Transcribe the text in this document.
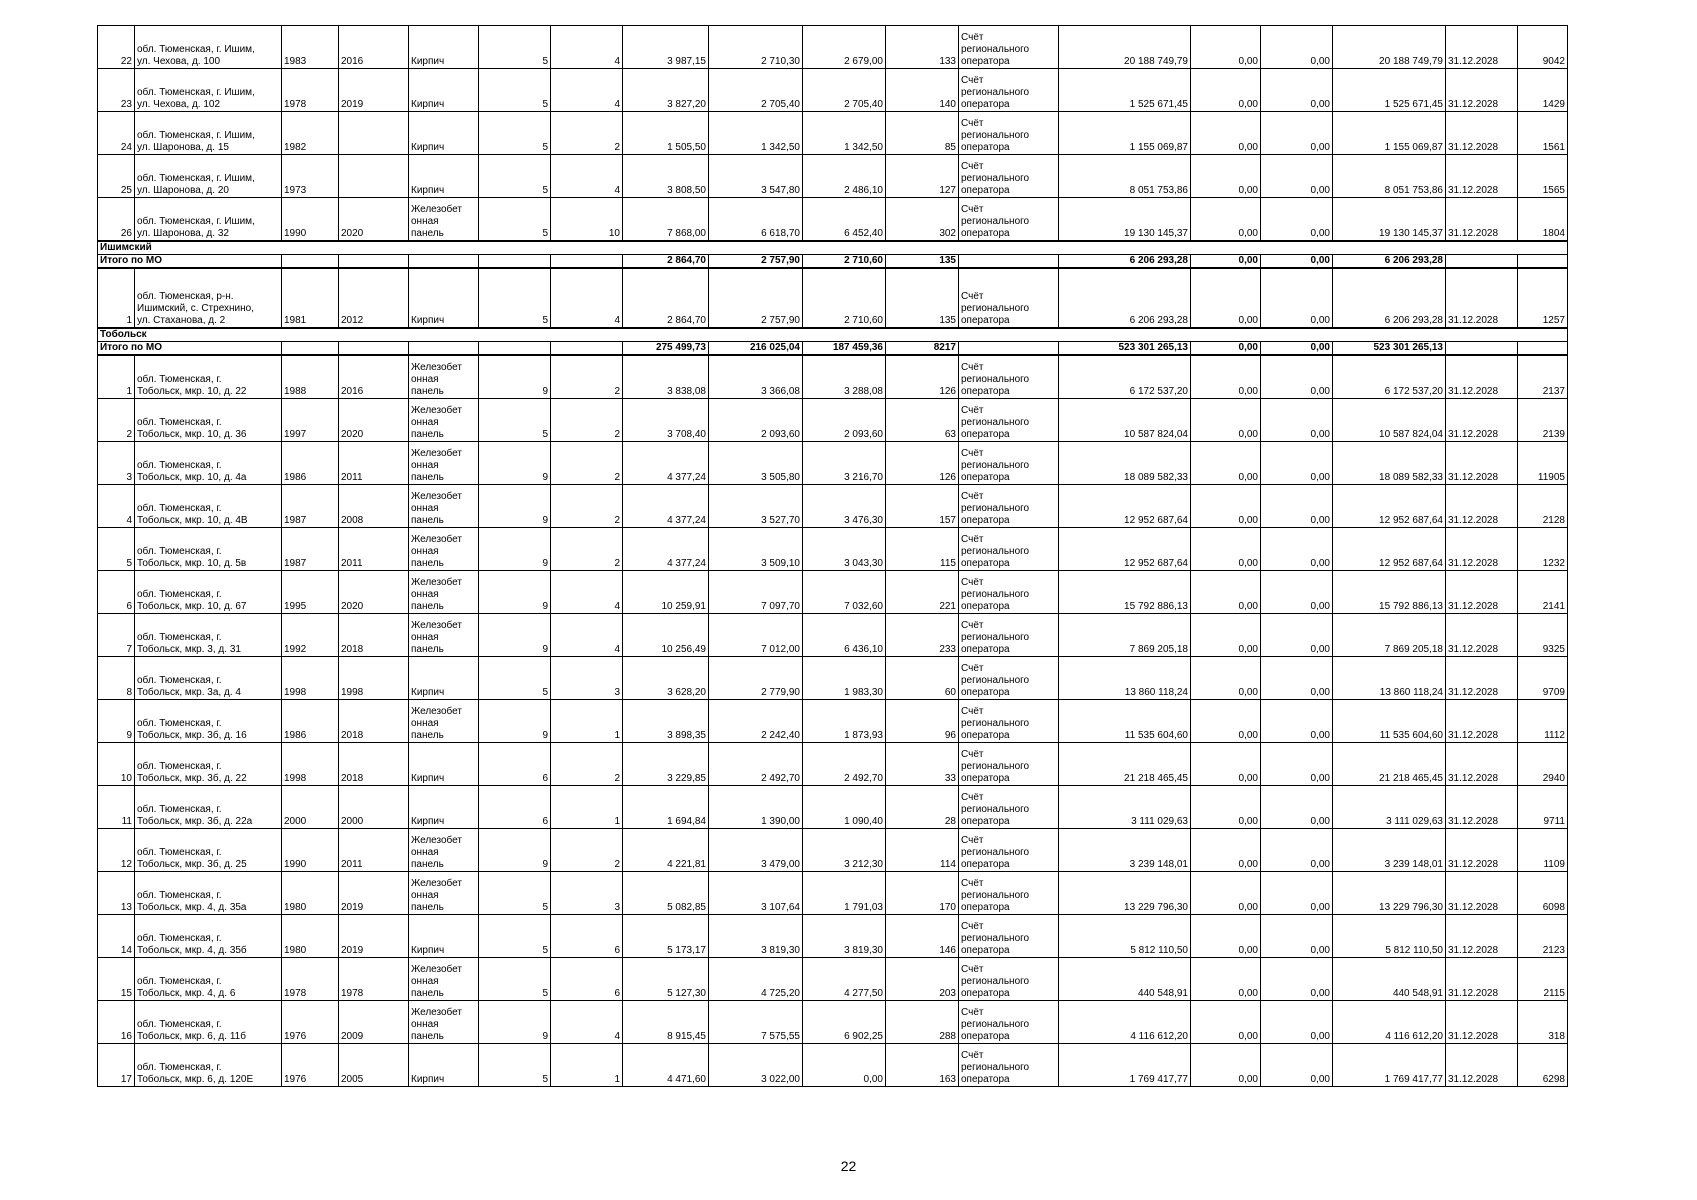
22	обл. Тюменская, г. Ишим,
ул. Чехова, д. 100	1983	2016	Кирпич	5	4	3 987,15	2 710,30	2 679,00	133	Счёт
регионального
оператора	20 188 749,79	0,00	0,00	20 188 749,79	31.12.2028	9042
23	обл. Тюменская, г. Ишим,
ул. Чехова, д. 102	1978	2019	Кирпич	5	4	3 827,20	2 705,40	2 705,40	140	Счёт
регионального
оператора	1 525 671,45	0,00	0,00	1 525 671,45	31.12.2028	1429
24	обл. Тюменская, г. Ишим,
ул. Шаронова, д. 15	1982		Кирпич	5	2	1 505,50	1 342,50	1 342,50	85	Счёт
регионального
оператора	1 155 069,87	0,00	0,00	1 155 069,87	31.12.2028	1561
25	обл. Тюменская, г. Ишим,
ул. Шаронова, д. 20	1973		Кирпич	5	4	3 808,50	3 547,80	2 486,10	127	Счёт
регионального
оператора	8 051 753,86	0,00	0,00	8 051 753,86	31.12.2028	1565
26	обл. Тюменская, г. Ишим,
ул. Шаронова, д. 32	1990	2020	Железобет
онная
панель	5	10	7 868,00	6 618,70	6 452,40	302	Счёт
регионального
оператора	19 130 145,37	0,00	0,00	19 130 145,37	31.12.2028	1804
Ишимский																	
Итого по МО							2 864,70	2 757,90	2 710,60	135		6 206 293,28	0,00	0,00	6 206 293,28		
1	обл. Тюменская, р-н.
Ишимский, с. Стрехнино,
ул. Стаханова, д. 2	1981	2012	Кирпич	5	4	2 864,70	2 757,90	2 710,60	135	Счёт
регионального
оператора	6 206 293,28	0,00	0,00	6 206 293,28	31.12.2028	1257
Тобольск																	
Итого по МО							275 499,73	216 025,04	187 459,36	8217		523 301 265,13	0,00	0,00	523 301 265,13		
1	обл. Тюменская, г.
Тобольск, мкр. 10, д. 22	1988	2016	Железобет
онная
панель	9	2	3 838,08	3 366,08	3 288,08	126	Счёт
регионального
оператора	6 172 537,20	0,00	0,00	6 172 537,20	31.12.2028	2137
2	обл. Тюменская, г.
Тобольск, мкр. 10, д. 36	1997	2020	Железобет
онная
панель	5	2	3 708,40	2 093,60	2 093,60	63	Счёт
регионального
оператора	10 587 824,04	0,00	0,00	10 587 824,04	31.12.2028	2139
3	обл. Тюменская, г.
Тобольск, мкр. 10, д. 4а	1986	2011	Железобет
онная
панель	9	2	4 377,24	3 505,80	3 216,70	126	Счёт
регионального
оператора	18 089 582,33	0,00	0,00	18 089 582,33	31.12.2028	11905
4	обл. Тюменская, г.
Тобольск, мкр. 10, д. 4В	1987	2008	Железобет
онная
панель	9	2	4 377,24	3 527,70	3 476,30	157	Счёт
регионального
оператора	12 952 687,64	0,00	0,00	12 952 687,64	31.12.2028	2128
5	обл. Тюменская, г.
Тобольск, мкр. 10, д. 5в	1987	2011	Железобет
онная
панель	9	2	4 377,24	3 509,10	3 043,30	115	Счёт
регионального
оператора	12 952 687,64	0,00	0,00	12 952 687,64	31.12.2028	1232
6	обл. Тюменская, г.
Тобольск, мкр. 10, д. 67	1995	2020	Железобет
онная
панель	9	4	10 259,91	7 097,70	7 032,60	221	Счёт
регионального
оператора	15 792 886,13	0,00	0,00	15 792 886,13	31.12.2028	2141
7	обл. Тюменская, г.
Тобольск, мкр. 3, д. 31	1992	2018	Железобет
онная
панель	9	4	10 256,49	7 012,00	6 436,10	233	Счёт
регионального
оператора	7 869 205,18	0,00	0,00	7 869 205,18	31.12.2028	9325
8	обл. Тюменская, г.
Тобольск, мкр. 3а, д. 4	1998	1998	Кирпич	5	3	3 628,20	2 779,90	1 983,30	60	Счёт
регионального
оператора	13 860 118,24	0,00	0,00	13 860 118,24	31.12.2028	9709
9	обл. Тюменская, г.
Тобольск, мкр. 3б, д. 16	1986	2018	Железобет
онная
панель	9	1	3 898,35	2 242,40	1 873,93	96	Счёт
регионального
оператора	11 535 604,60	0,00	0,00	11 535 604,60	31.12.2028	1112
10	обл. Тюменская, г.
Тобольск, мкр. 3б, д. 22	1998	2018	Кирпич	6	2	3 229,85	2 492,70	2 492,70	33	Счёт
регионального
оператора	21 218 465,45	0,00	0,00	21 218 465,45	31.12.2028	2940
11	обл. Тюменская, г.
Тобольск, мкр. 3б, д. 22а	2000	2000	Кирпич	6	1	1 694,84	1 390,00	1 090,40	28	Счёт
регионального
оператора	3 111 029,63	0,00	0,00	3 111 029,63	31.12.2028	9711
12	обл. Тюменская, г.
Тобольск, мкр. 3б, д. 25	1990	2011	Железобет
онная
панель	9	2	4 221,81	3 479,00	3 212,30	114	Счёт
регионального
оператора	3 239 148,01	0,00	0,00	3 239 148,01	31.12.2028	1109
13	обл. Тюменская, г.
Тобольск, мкр. 4, д. 35а	1980	2019	Железобет
онная
панель	5	3	5 082,85	3 107,64	1 791,03	170	Счёт
регионального
оператора	13 229 796,30	0,00	0,00	13 229 796,30	31.12.2028	6098
14	обл. Тюменская, г.
Тобольск, мкр. 4, д. 35б	1980	2019	Кирпич	5	6	5 173,17	3 819,30	3 819,30	146	Счёт
регионального
оператора	5 812 110,50	0,00	0,00	5 812 110,50	31.12.2028	2123
15	обл. Тюменская, г.
Тобольск, мкр. 4, д. 6	1978	1978	Железобет
онная
панель	5	6	5 127,30	4 725,20	4 277,50	203	Счёт
регионального
оператора	440 548,91	0,00	0,00	440 548,91	31.12.2028	2115
16	обл. Тюменская, г.
Тобольск, мкр. 6, д. 11б	1976	2009	Железобет
онная
панель	9	4	8 915,45	7 575,55	6 902,25	288	Счёт
регионального
оператора	4 116 612,20	0,00	0,00	4 116 612,20	31.12.2028	318
17	обл. Тюменская, г.
Тобольск, мкр. 6, д. 120Е	1976	2005	Кирпич	5	1	4 471,60	3 022,00	0,00	163	Счёт
регионального
оператора	1 769 417,77	0,00	0,00	1 769 417,77	31.12.2028	6298
22
